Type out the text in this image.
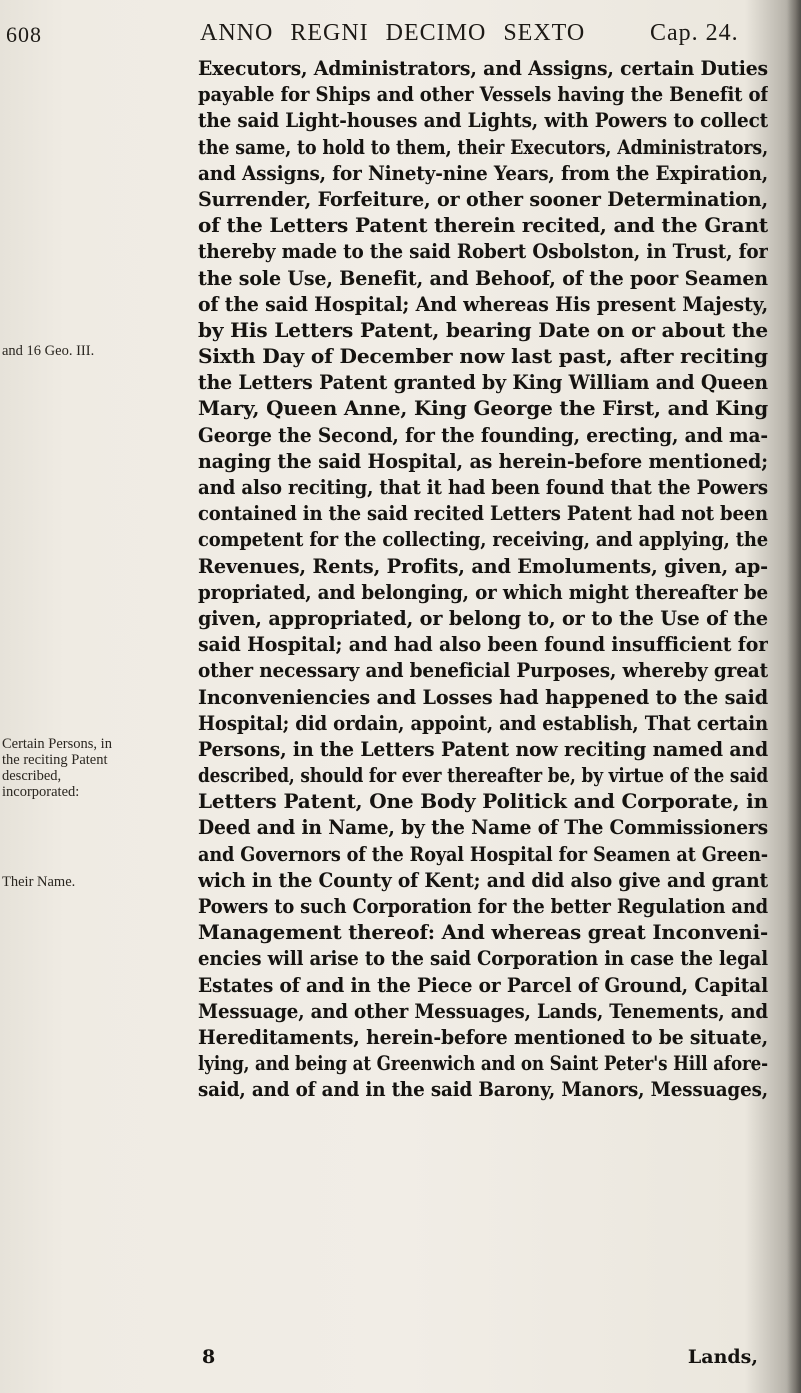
608	ANNO REGNI DECIMO SEXTO	Cap. 24.
Executors, Administrators, and Assigns, certain Duties
payable for Ships and other Vessels having the Benefit of
the said Light-houses and Lights, with Powers to collect
the same, to hold to them, their Executors, Administrators,
and Assigns, for Ninety-nine Years, from the Expiration,
Surrender, Forfeiture, or other sooner Determination,
of the Letters Patent therein recited, and the Grant
thereby made to the said Robert Osbolston, in Trust, for
the sole Use, Benefit, and Behoof, of the poor Seamen
of the said Hospital; And whereas His present Majesty,
by His Letters Patent, bearing Date on or about the
Sixth Day of December now last past, after reciting
the Letters Patent granted by King William and Queen
Mary, Queen Anne, King George the First, and King
George the Second, for the founding, erecting, and ma-
naging the said Hospital, as herein-before mentioned;
and also reciting, that it had been found that the Powers
contained in the said recited Letters Patent had not been
competent for the collecting, receiving, and applying, the
Revenues, Rents, Profits, and Emoluments, given, ap-
propriated, and belonging, or which might thereafter be
given, appropriated, or belong to, or to the Use of the
said Hospital; and had also been found insufficient for
other necessary and beneficial Purposes, whereby great
Inconveniencies and Losses had happened to the said
Hospital; did ordain, appoint, and establish, That certain
Persons, in the Letters Patent now reciting named and
described, should for ever thereafter be, by virtue of the said
Letters Patent, One Body Politick and Corporate, in
Deed and in Name, by the Name of The Commissioners
and Governors of the Royal Hospital for Seamen at Green-
wich in the County of Kent; and did also give and grant
Powers to such Corporation for the better Regulation and
Management thereof: And whereas great Inconveni-
encies will arise to the said Corporation in case the legal
Estates of and in the Piece or Parcel of Ground, Capital
Messuage, and other Messuages, Lands, Tenements, and
Hereditaments, herein-before mentioned to be situate,
lying, and being at Greenwich and on Saint Peter's Hill afore-
said, and of and in the said Barony, Manors, Messuages,
and 16 Geo. III.
Certain Persons, in the reciting Patent described, incorporated:
Their Name.
8	Lands,
